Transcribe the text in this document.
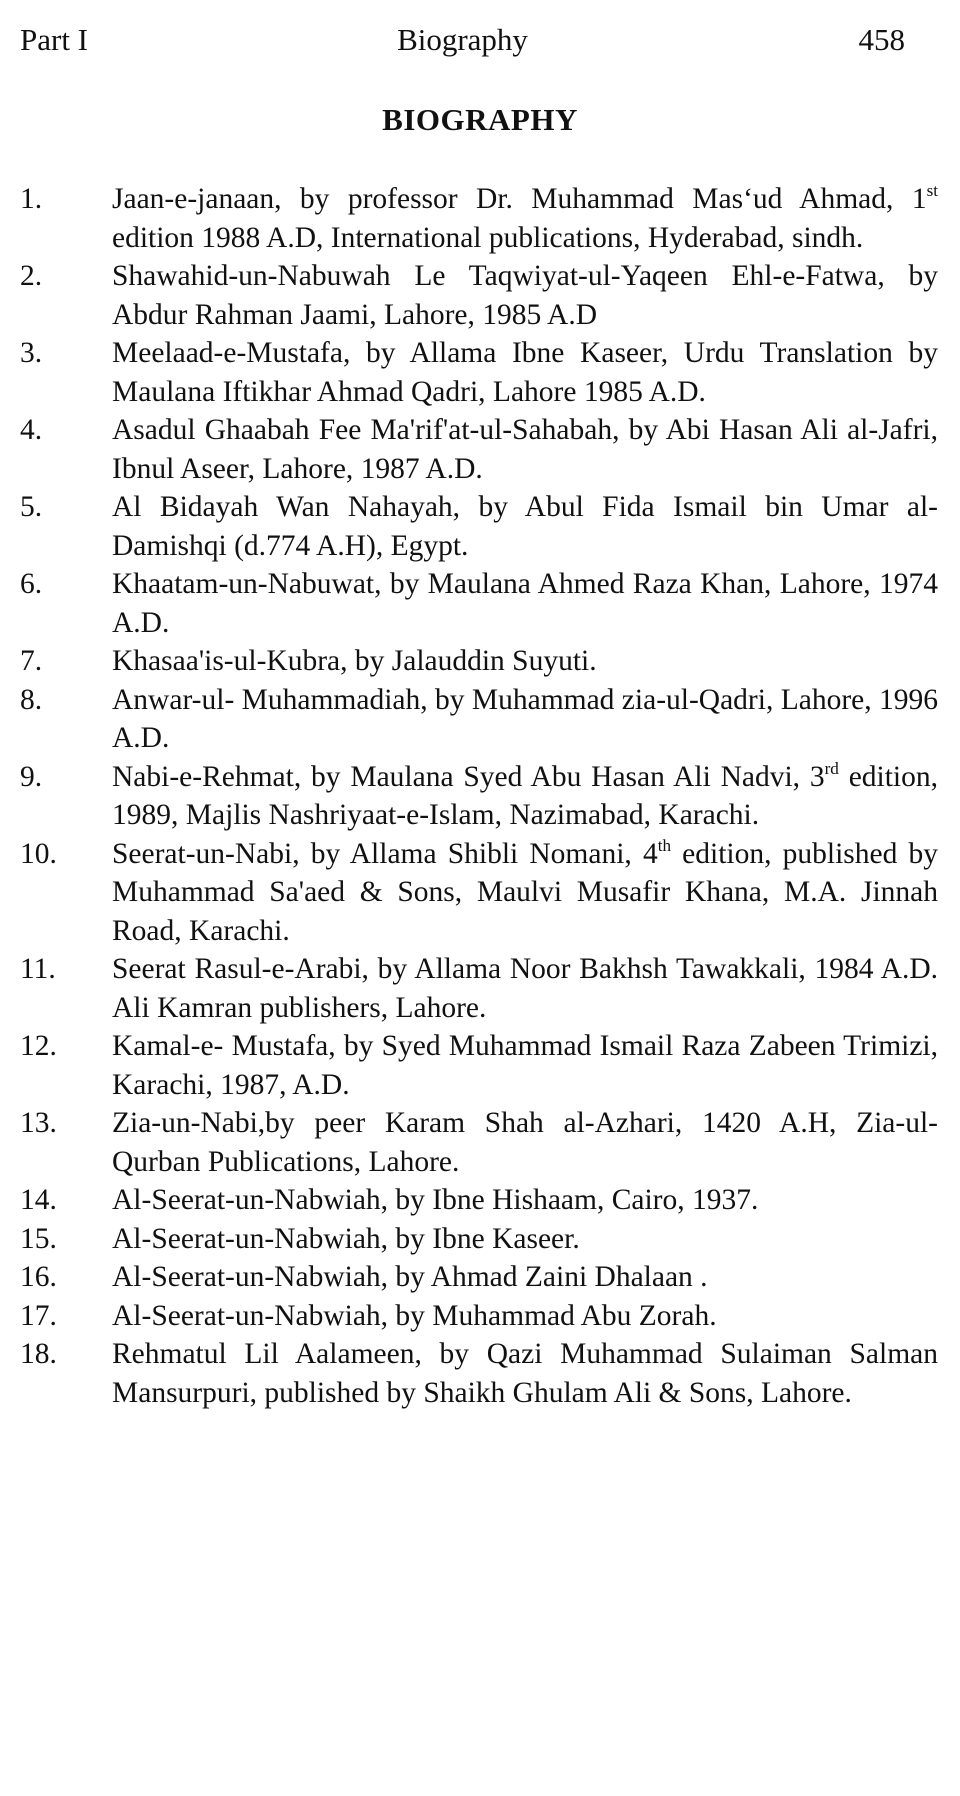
Part I	Biography	458
BIOGRAPHY
1. Jaan-e-janaan, by professor Dr. Muhammad Mas‘ud Ahmad, 1st edition 1988 A.D, International publications, Hyderabad, sindh.
2. Shawahid-un-Nabuwah Le Taqwiyat-ul-Yaqeen Ehl-e-Fatwa, by Abdur Rahman Jaami, Lahore, 1985 A.D
3. Meelaad-e-Mustafa, by Allama Ibne Kaseer, Urdu Translation by Maulana Iftikhar Ahmad Qadri, Lahore 1985 A.D.
4. Asadul Ghaabah Fee Ma'rif'at-ul-Sahabah, by Abi Hasan Ali al-Jafri, Ibnul Aseer, Lahore, 1987 A.D.
5. Al Bidayah Wan Nahayah, by Abul Fida Ismail bin Umar al-Damishqi (d.774 A.H), Egypt.
6. Khaatam-un-Nabuwat, by Maulana Ahmed Raza Khan, Lahore, 1974 A.D.
7. Khasaa'is-ul-Kubra, by Jalauddin Suyuti.
8. Anwar-ul- Muhammadiah, by Muhammad zia-ul-Qadri, Lahore, 1996 A.D.
9. Nabi-e-Rehmat, by Maulana Syed Abu Hasan Ali Nadvi, 3rd edition, 1989, Majlis Nashriyaat-e-Islam, Nazimabad, Karachi.
10. Seerat-un-Nabi, by Allama Shibli Nomani, 4th edition, published by Muhammad Sa'aed & Sons, Maulvi Musafir Khana, M.A. Jinnah Road, Karachi.
11. Seerat Rasul-e-Arabi, by Allama Noor Bakhsh Tawakkali, 1984 A.D. Ali Kamran publishers, Lahore.
12. Kamal-e- Mustafa, by Syed Muhammad Ismail Raza Zabeen Trimizi, Karachi, 1987, A.D.
13. Zia-un-Nabi,by peer Karam Shah al-Azhari, 1420 A.H, Zia-ul-Qurban Publications, Lahore.
14. Al-Seerat-un-Nabwiah, by Ibne Hishaam, Cairo, 1937.
15. Al-Seerat-un-Nabwiah, by Ibne Kaseer.
16. Al-Seerat-un-Nabwiah, by Ahmad Zaini Dhalaan .
17. Al-Seerat-un-Nabwiah, by Muhammad Abu Zorah.
18. Rehmatul Lil Aalameen, by Qazi Muhammad Sulaiman Salman Mansurpuri, published by Shaikh Ghulam Ali & Sons, Lahore.
